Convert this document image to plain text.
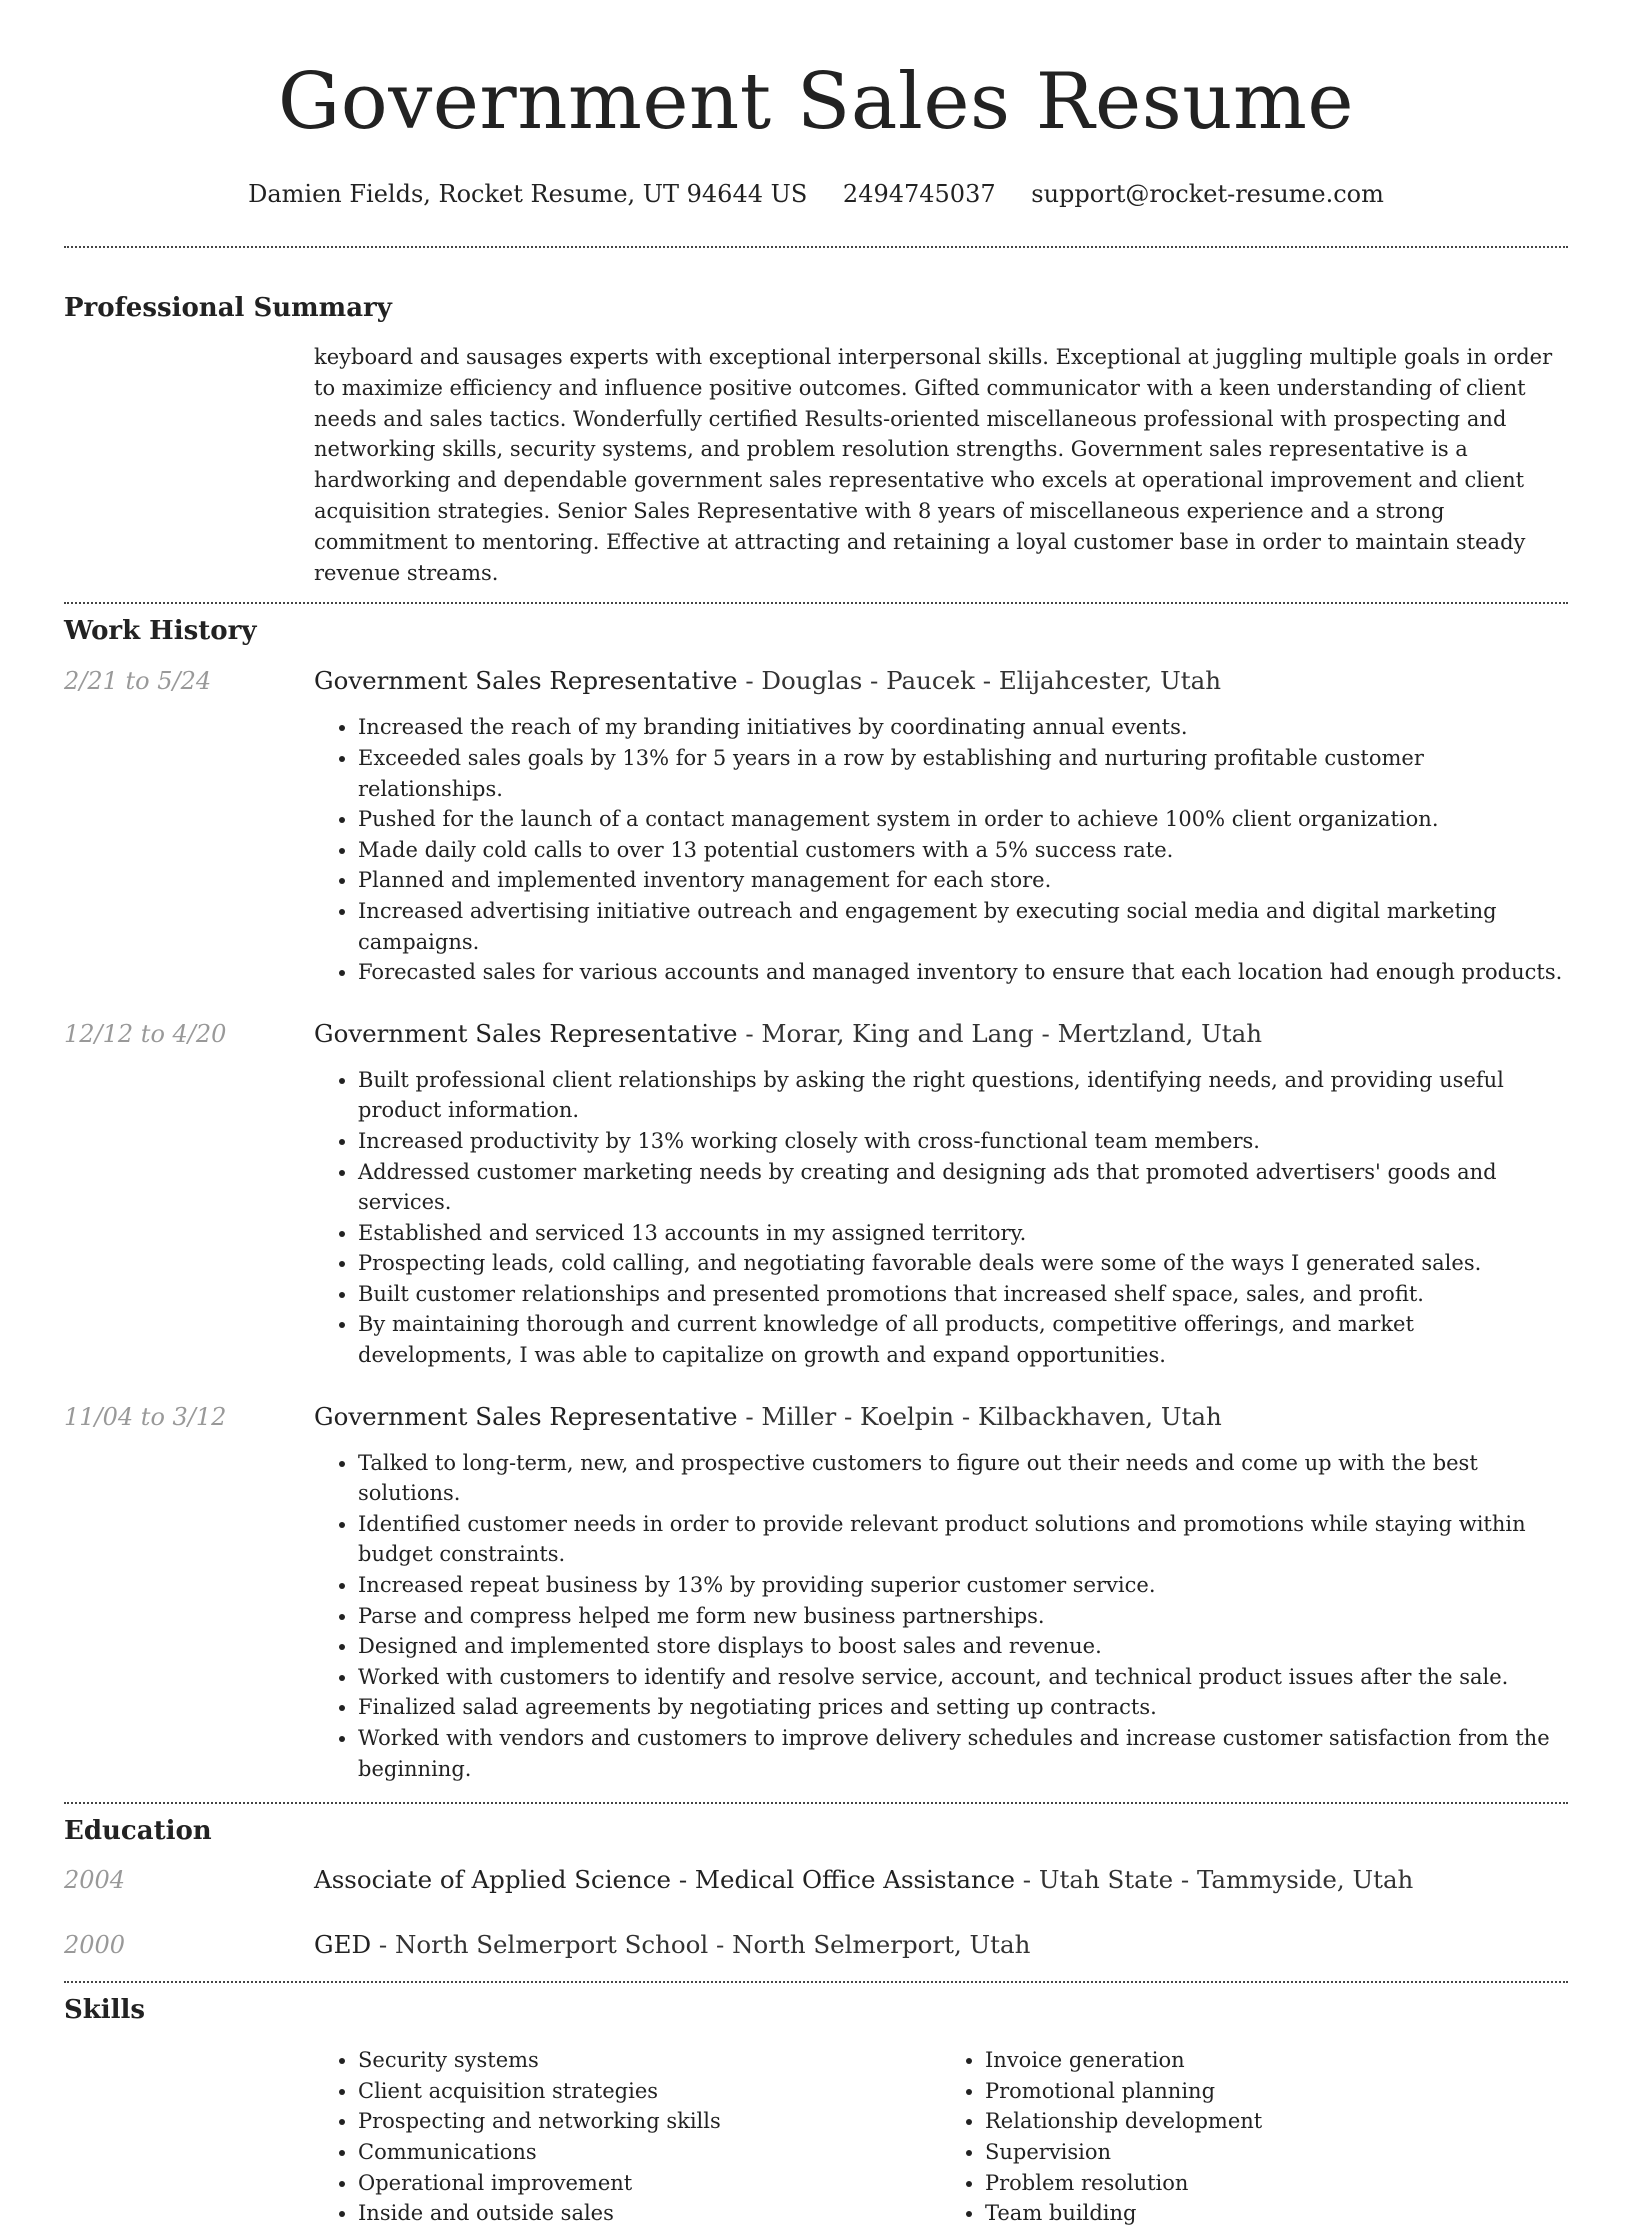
Government Sales Resume
Damien Fields, Rocket Resume, UT 94644 US 2494745037 support@rocket-resume.com
Professional Summary
keyboard and sausages experts with exceptional interpersonal skills. Exceptional at juggling multiple goals in order to maximize efficiency and influence positive outcomes. Gifted communicator with a keen understanding of client needs and sales tactics. Wonderfully certified Results-oriented miscellaneous professional with prospecting and networking skills, security systems, and problem resolution strengths. Government sales representative is a hardworking and dependable government sales representative who excels at operational improvement and client acquisition strategies. Senior Sales Representative with 8 years of miscellaneous experience and a strong commitment to mentoring. Effective at attracting and retaining a loyal customer base in order to maintain steady revenue streams.
Work History
2/21 to 5/24	Government Sales Representative - Douglas - Paucek - Elijahcester, Utah
• Increased the reach of my branding initiatives by coordinating annual events.
• Exceeded sales goals by 13% for 5 years in a row by establishing and nurturing profitable customer relationships.
• Pushed for the launch of a contact management system in order to achieve 100% client organization.
• Made daily cold calls to over 13 potential customers with a 5% success rate.
• Planned and implemented inventory management for each store.
• Increased advertising initiative outreach and engagement by executing social media and digital marketing campaigns.
• Forecasted sales for various accounts and managed inventory to ensure that each location had enough products.
12/12 to 4/20	Government Sales Representative - Morar, King and Lang - Mertzland, Utah
• Built professional client relationships by asking the right questions, identifying needs, and providing useful product information.
• Increased productivity by 13% working closely with cross-functional team members.
• Addressed customer marketing needs by creating and designing ads that promoted advertisers' goods and services.
• Established and serviced 13 accounts in my assigned territory.
• Prospecting leads, cold calling, and negotiating favorable deals were some of the ways I generated sales.
• Built customer relationships and presented promotions that increased shelf space, sales, and profit.
• By maintaining thorough and current knowledge of all products, competitive offerings, and market developments, I was able to capitalize on growth and expand opportunities.
11/04 to 3/12	Government Sales Representative - Miller - Koelpin - Kilbackhaven, Utah
• Talked to long-term, new, and prospective customers to figure out their needs and come up with the best solutions.
• Identified customer needs in order to provide relevant product solutions and promotions while staying within budget constraints.
• Increased repeat business by 13% by providing superior customer service.
• Parse and compress helped me form new business partnerships.
• Designed and implemented store displays to boost sales and revenue.
• Worked with customers to identify and resolve service, account, and technical product issues after the sale.
• Finalized salad agreements by negotiating prices and setting up contracts.
• Worked with vendors and customers to improve delivery schedules and increase customer satisfaction from the beginning.
Education
2004	Associate of Applied Science - Medical Office Assistance - Utah State - Tammyside, Utah
2000	GED - North Selmerport School - North Selmerport, Utah
Skills
• Security systems
• Client acquisition strategies
• Prospecting and networking skills
• Communications
• Operational improvement
• Inside and outside sales
• Invoice generation
• Promotional planning
• Relationship development
• Supervision
• Problem resolution
• Team building
